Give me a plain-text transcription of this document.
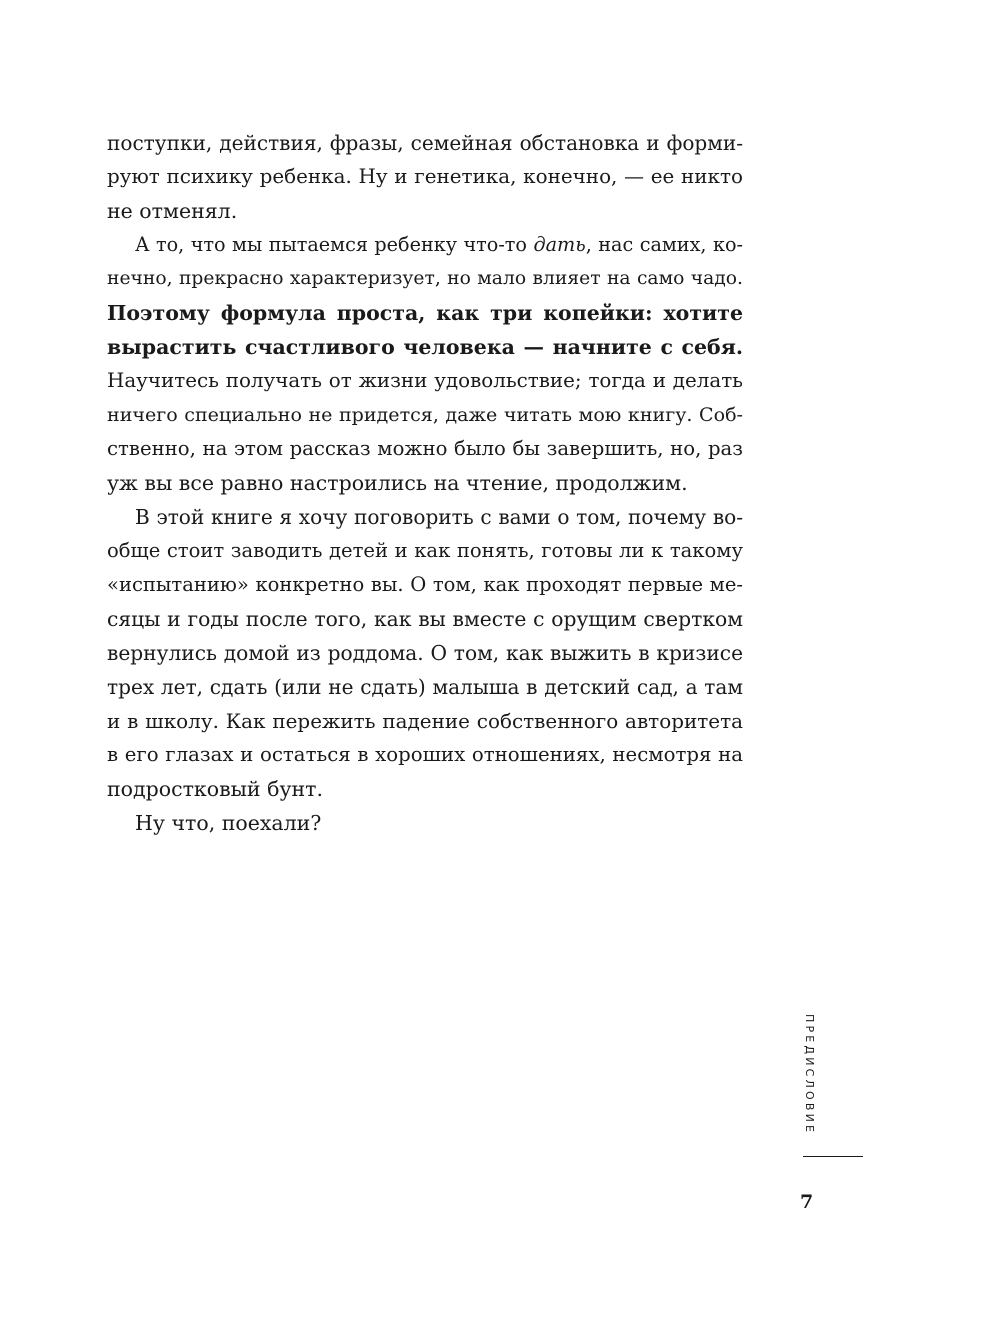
поступки, действия, фразы, семейная обстановка и форми-
руют психику ребенка. Ну и генетика, конечно, — ее никто
не отменял.
А то, что мы пытаемся ребенку что-то дать, нас самих, ко-
нечно, прекрасно характеризует, но мало влияет на само чадо.
Поэтому формула проста, как три копейки: хотите
вырастить счастливого человека — начните с себя.
Научитесь получать от жизни удовольствие; тогда и делать
ничего специально не придется, даже читать мою книгу. Соб-
ственно, на этом рассказ можно было бы завершить, но, раз
уж вы все равно настроились на чтение, продолжим.
В этой книге я хочу поговорить с вами о том, почему во-
обще стоит заводить детей и как понять, готовы ли к такому
«испытанию» конкретно вы. О том, как проходят первые ме-
сяцы и годы после того, как вы вместе с орущим свертком
вернулись домой из роддома. О том, как выжить в кризисе
трех лет, сдать (или не сдать) малыша в детский сад, а там
и в школу. Как пережить падение собственного авторитета
в его глазах и остаться в хороших отношениях, несмотря на
подростковый бунт.
Ну что, поехали?
ПРЕДИСЛОВИЕ
7
